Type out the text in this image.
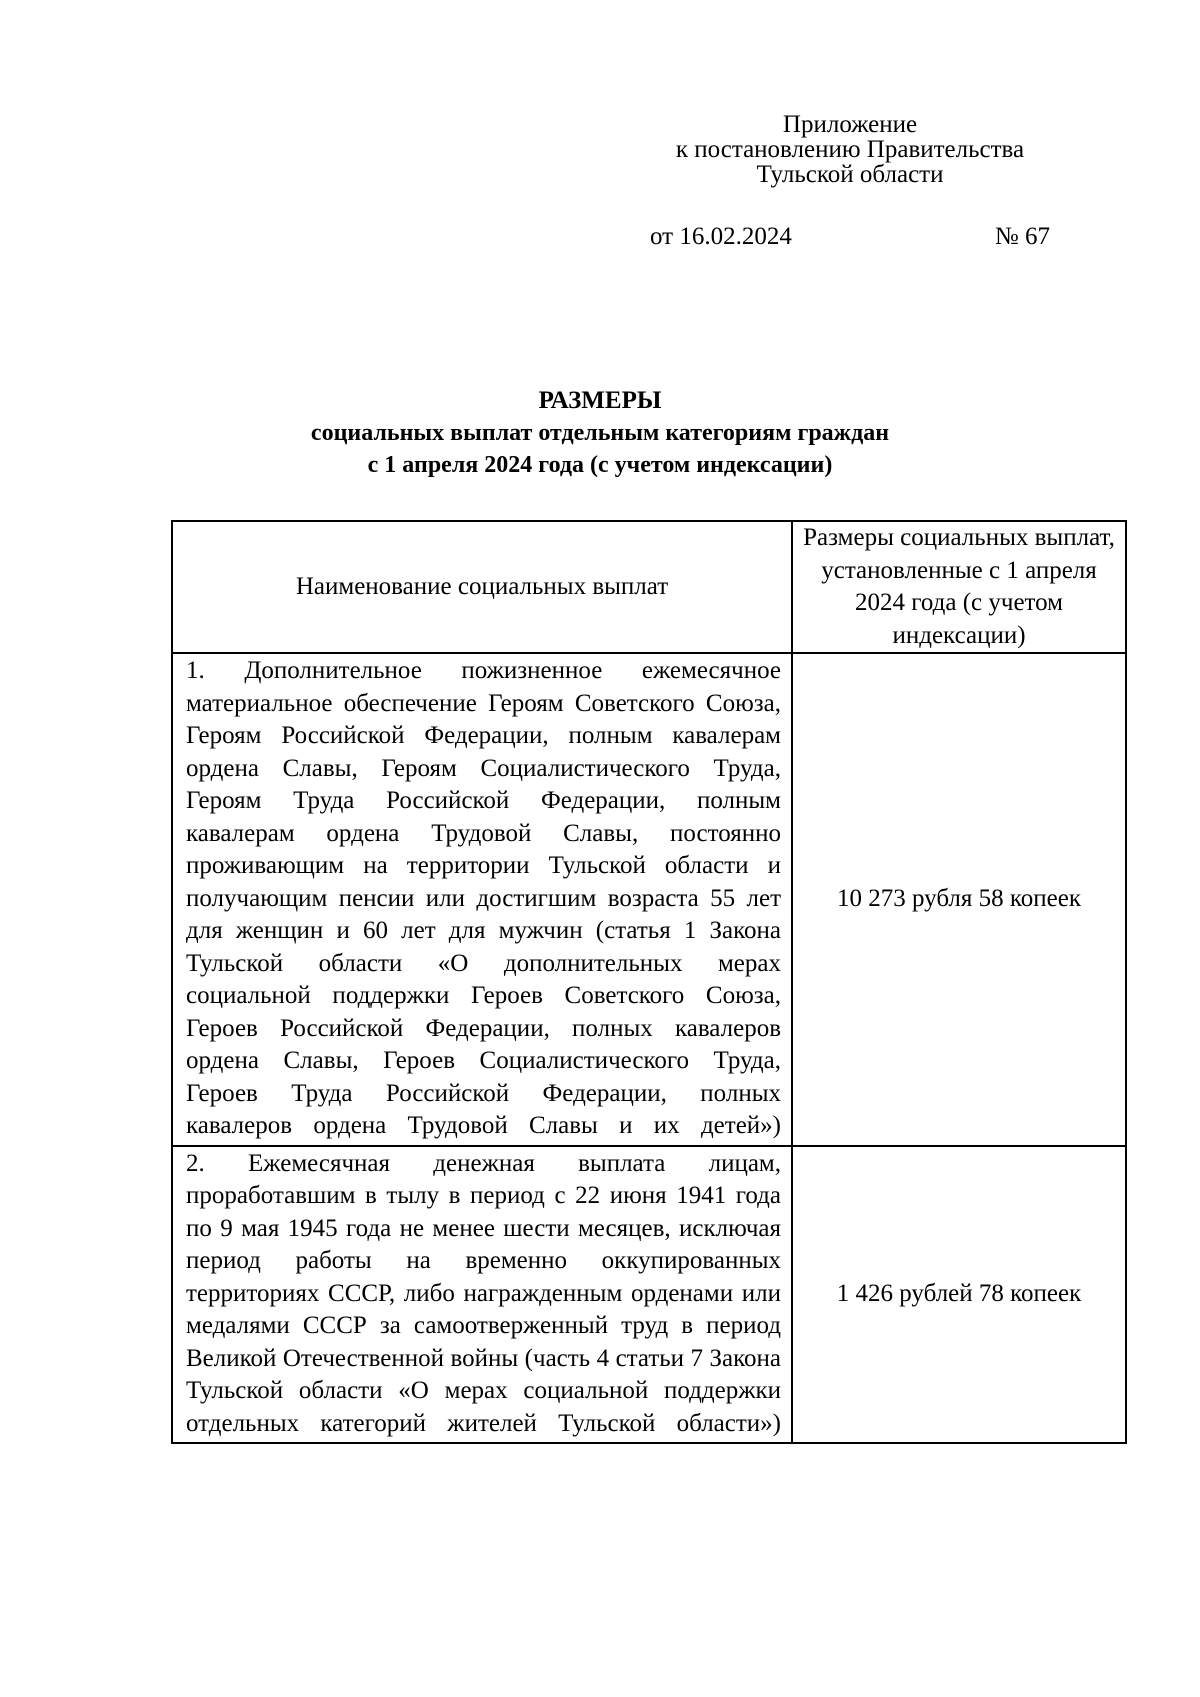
Приложение
к постановлению Правительства
Тульской области
от 16.02.2024	№ 67
РАЗМЕРЫ
социальных выплат отдельным категориям граждан
с 1 апреля 2024 года (с учетом индексации)
Наименование социальных выплат	Размеры социальных выплат, установленные с 1 апреля 2024 года (с учетом индексации)
1. Дополнительное пожизненное ежемесячное материальное обеспечение Героям Советского Союза, Героям Российской Федерации, полным кавалерам ордена Славы, Героям Социалистического Труда, Героям Труда Российской Федерации, полным кавалерам ордена Трудовой Славы, постоянно проживающим на территории Тульской области и получающим пенсии или достигшим возраста 55 лет для женщин и 60 лет для мужчин (статья 1 Закона Тульской области «О дополнительных мерах социальной поддержки Героев Советского Союза, Героев Российской Федерации, полных кавалеров ордена Славы, Героев Социалистического Труда, Героев Труда Российской Федерации, полных кавалеров ордена Трудовой Славы и их детей»)	10 273 рубля 58 копеек
2. Ежемесячная денежная выплата лицам, проработавшим в тылу в период с 22 июня 1941 года по 9 мая 1945 года не менее шести месяцев, исключая период работы на временно оккупированных территориях СССР, либо награжденным орденами или медалями СССР за самоотверженный труд в период Великой Отечественной войны (часть 4 статьи 7 Закона Тульской области «О мерах социальной поддержки отдельных категорий жителей Тульской области»)	1 426 рублей 78 копеек
